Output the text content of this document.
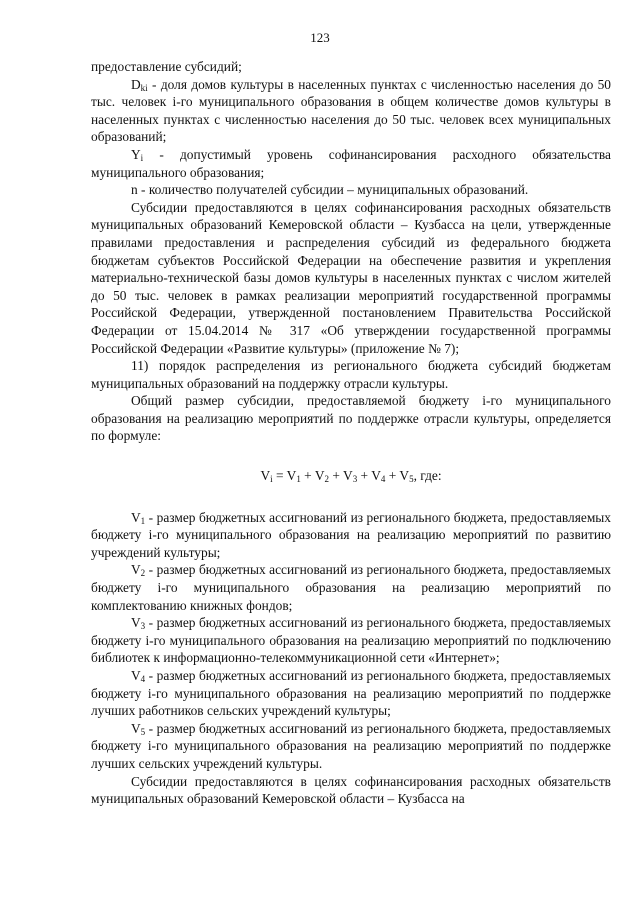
123

предоставление субсидий;

$D_{ki}$ - доля домов культуры в населенных пунктах с численностью населения до 50 тыс. человек i-го муниципального образования в общем количестве домов культуры в населенных пунктах с численностью населения до 50 тыс. человек всех муниципальных образований;

$Y_i$ - допустимый уровень софинансирования расходного обязательства муниципального образования;

n - количество получателей субсидии – муниципальных образований.

Субсидии предоставляются в целях софинансирования расходных обязательств муниципальных образований Кемеровской области – Кузбасса на цели, утвержденные правилами предоставления и распределения субсидий из федерального бюджета бюджетам субъектов Российской Федерации на обеспечение развития и укрепления материально-технической базы домов культуры в населенных пунктах с числом жителей до 50 тыс. человек в рамках реализации мероприятий государственной программы Российской Федерации, утвержденной постановлением Правительства Российской Федерации от 15.04.2014 № 317 «Об утверждении государственной программы Российской Федерации «Развитие культуры» (приложение № 7);

11) порядок распределения из регионального бюджета субсидий бюджетам муниципальных образований на поддержку отрасли культуры.

Общий размер субсидии, предоставляемой бюджету i-го муниципального образования на реализацию мероприятий по поддержке отрасли культуры, определяется по формуле:

$V_i = V_1 + V_2 + V_3 + V_4 + V_5$, где:

$V_1$ - размер бюджетных ассигнований из регионального бюджета, предоставляемых бюджету i-го муниципального образования на реализацию мероприятий по развитию учреждений культуры;

$V_2$ - размер бюджетных ассигнований из регионального бюджета, предоставляемых бюджету i-го муниципального образования на реализацию мероприятий по комплектованию книжных фондов;

$V_3$ - размер бюджетных ассигнований из регионального бюджета, предоставляемых бюджету i-го муниципального образования на реализацию мероприятий по подключению библиотек к информационно-телекоммуникационной сети «Интернет»;

$V_4$ - размер бюджетных ассигнований из регионального бюджета, предоставляемых бюджету i-го муниципального образования на реализацию мероприятий по поддержке лучших работников сельских учреждений культуры;

$V_5$ - размер бюджетных ассигнований из регионального бюджета, предоставляемых бюджету i-го муниципального образования на реализацию мероприятий по поддержке лучших сельских учреждений культуры.

Субсидии предоставляются в целях софинансирования расходных обязательств муниципальных образований Кемеровской области – Кузбасса на
